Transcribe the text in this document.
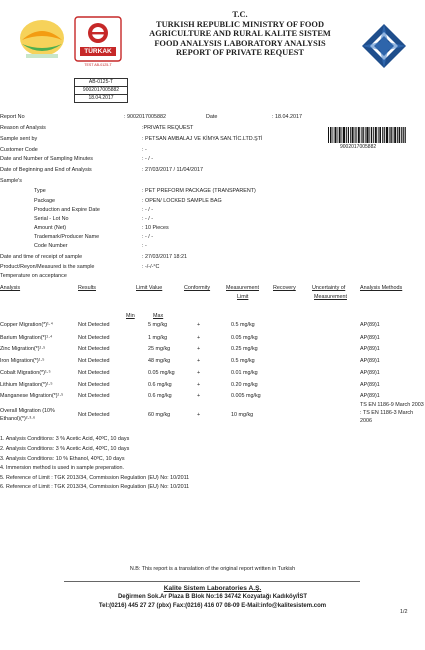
TÜRKAK
TEST AB-0125-T
T.C.
TURKISH REPUBLIC MINISTRY OF FOOD
AGRICULTURE AND RURAL KALITE SISTEM
FOOD ANALYSIS LABORATORY ANALYSIS
REPORT OF PRIVATE REQUEST
AB-0125-T
9002017005882
18.04.2017
Report No	: 9002017005882	Date	: 18.04.2017
9002017005882
Reason of Analysis	:PRIVATE REQUEST
Sample sent by	: PETSAN AMBALAJ VE KİMYA SAN.TİC.LTD.ŞTİ
Customer Code	: -
Date and Number of Sampling Minutes	: - / -
Date of Beginning and End of Analysis	: 27/03/2017 / 11/04/2017
Sample's
Type	: PET PREFORM PACKAGE (TRANSPARENT)
Package	: OPEN/ LOCKED SAMPLE BAG
Production and Expire Date	: - / -
Serial - Lot No	: - / -
Amount (Net)	: 10 Pieces
Trademark/Producer Name	: - / -
Code Number	: -
Date and time of receipt of sample	: 27/03/2017 18:21
Product/Reyon/Measured is the sample	: -/-/-°C
Temperature on acceptance
Analysis	Results	Limit Value	Conformity	Measurement
Limit
Recovery	Uncertainty of
Measurement
Analysis Methods
Min	Max
Copper Migration(*)¹·⁴	Not Detected	5 mg/kg	+	0.5 mg/kg	AP(89)1
Barium Migration(*)¹·⁴	Not Detected	1 mg/kg	+	0.05 mg/kg	AP(89)1
Zinc Migration(*)¹·⁵	Not Detected	25 mg/kg	+	0.25 mg/kg	AP(89)1
Iron Migration(*)¹·⁵	Not Detected	48 mg/kg	+	0.5 mg/kg	AP(89)1
Cobalt Migration(*)¹·⁵	Not Detected	0.05 mg/kg	+	0.01 mg/kg	AP(89)1
Lithium Migration(*)¹·⁵	Not Detected	0.6 mg/kg	+	0.20 mg/kg	AP(89)1
Manganese Migration(*)¹·⁵	Not Detected	0.6 mg/kg	+	0.005 mg/kg	AP(89)1
Overall Migration (10%
Ethanol)(*)²·³·⁶
Not Detected	60 mg/kg	+	10 mg/kg
TS EN 1186-9 March 2003
: TS EN 1186-3 March
2006
1. Analysis Conditions: 3 % Acetic Acid, 40ºC, 10 days
2. Analysis Conditions: 3 % Acetic Acid, 40ºC, 10 days
3. Analysis Conditions: 10 % Ethanol, 40ºC, 10 days
4. Immersion method is used in sample preperation.
5. Reference of Limit : TGK 2013/34, Commission Regulation (EU) No: 10/2011
6. Reference of Limit : TGK 2013/34, Commission Regulation (EU) No: 10/2011
N.B: This report is a translation of the original report written in Turkish
Kalite Sistem Laboratories A.Ş.
Değirmen Sok.Ar Plaza B Blok No:16 34742 Kozyatağı Kadıköy/İST
Tel:(0216) 445 27 27 (pbx) Fax:(0216) 416 07 08-09 E-Mail:info@kalitesistem.com
1/2
